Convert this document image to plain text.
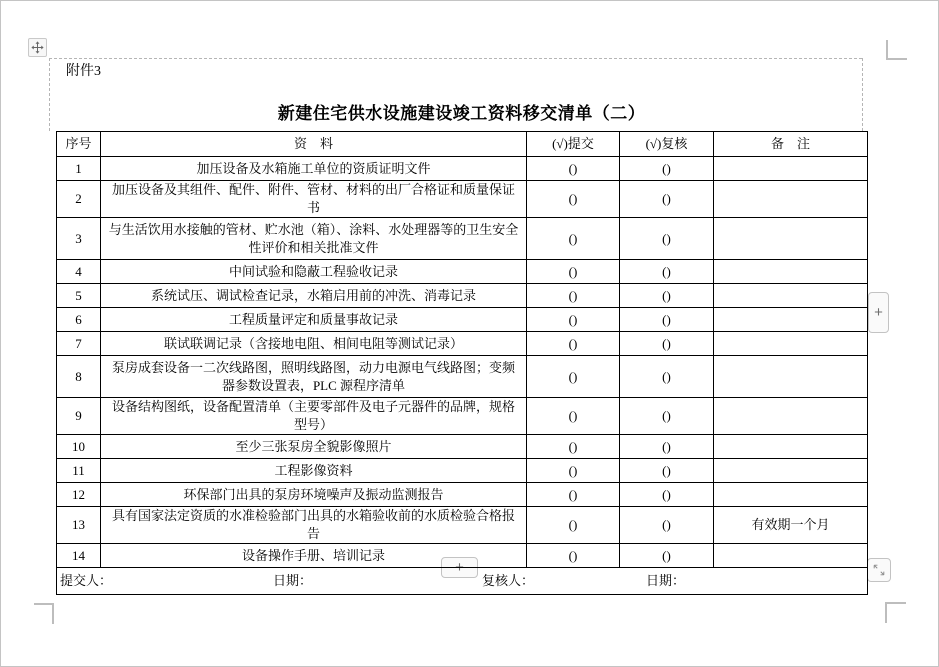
+
+
附件3
新建住宅供水设施建设竣工资料移交清单（二）
序号	资　料	(√)提交	(√)复核	备　注
1	加压设备及水箱施工单位的资质证明文件	()	()	
2	加压设备及其组件、配件、附件、管材、材料的出厂合格证和质量保证书	()	()	
3	与生活饮用水接触的管材、贮水池（箱）、涂料、水处理器等的卫生安全性评价和相关批准文件	()	()	
4	中间试验和隐蔽工程验收记录	()	()	
5	系统试压、调试检查记录，水箱启用前的冲洗、消毒记录	()	()	
6	工程质量评定和质量事故记录	()	()	
7	联试联调记录（含接地电阻、相间电阻等测试记录）	()	()	
8	泵房成套设备一二次线路图，照明线路图，动力电源电气线路图；变频器参数设置表，PLC 源程序清单	()	()	
9	设备结构图纸，设备配置清单（主要零部件及电子元器件的品牌，规格型号）	()	()	
10	至少三张泵房全貌影像照片	()	()	
11	工程影像资料	()	()	
12	环保部门出具的泵房环境噪声及振动监测报告	()	()	
13	具有国家法定资质的水准检验部门出具的水箱验收前的水质检验合格报告	()	()	有效期一个月
14	设备操作手册、培训记录	()	()	

提交人： 日期： 复核人： 日期：				
